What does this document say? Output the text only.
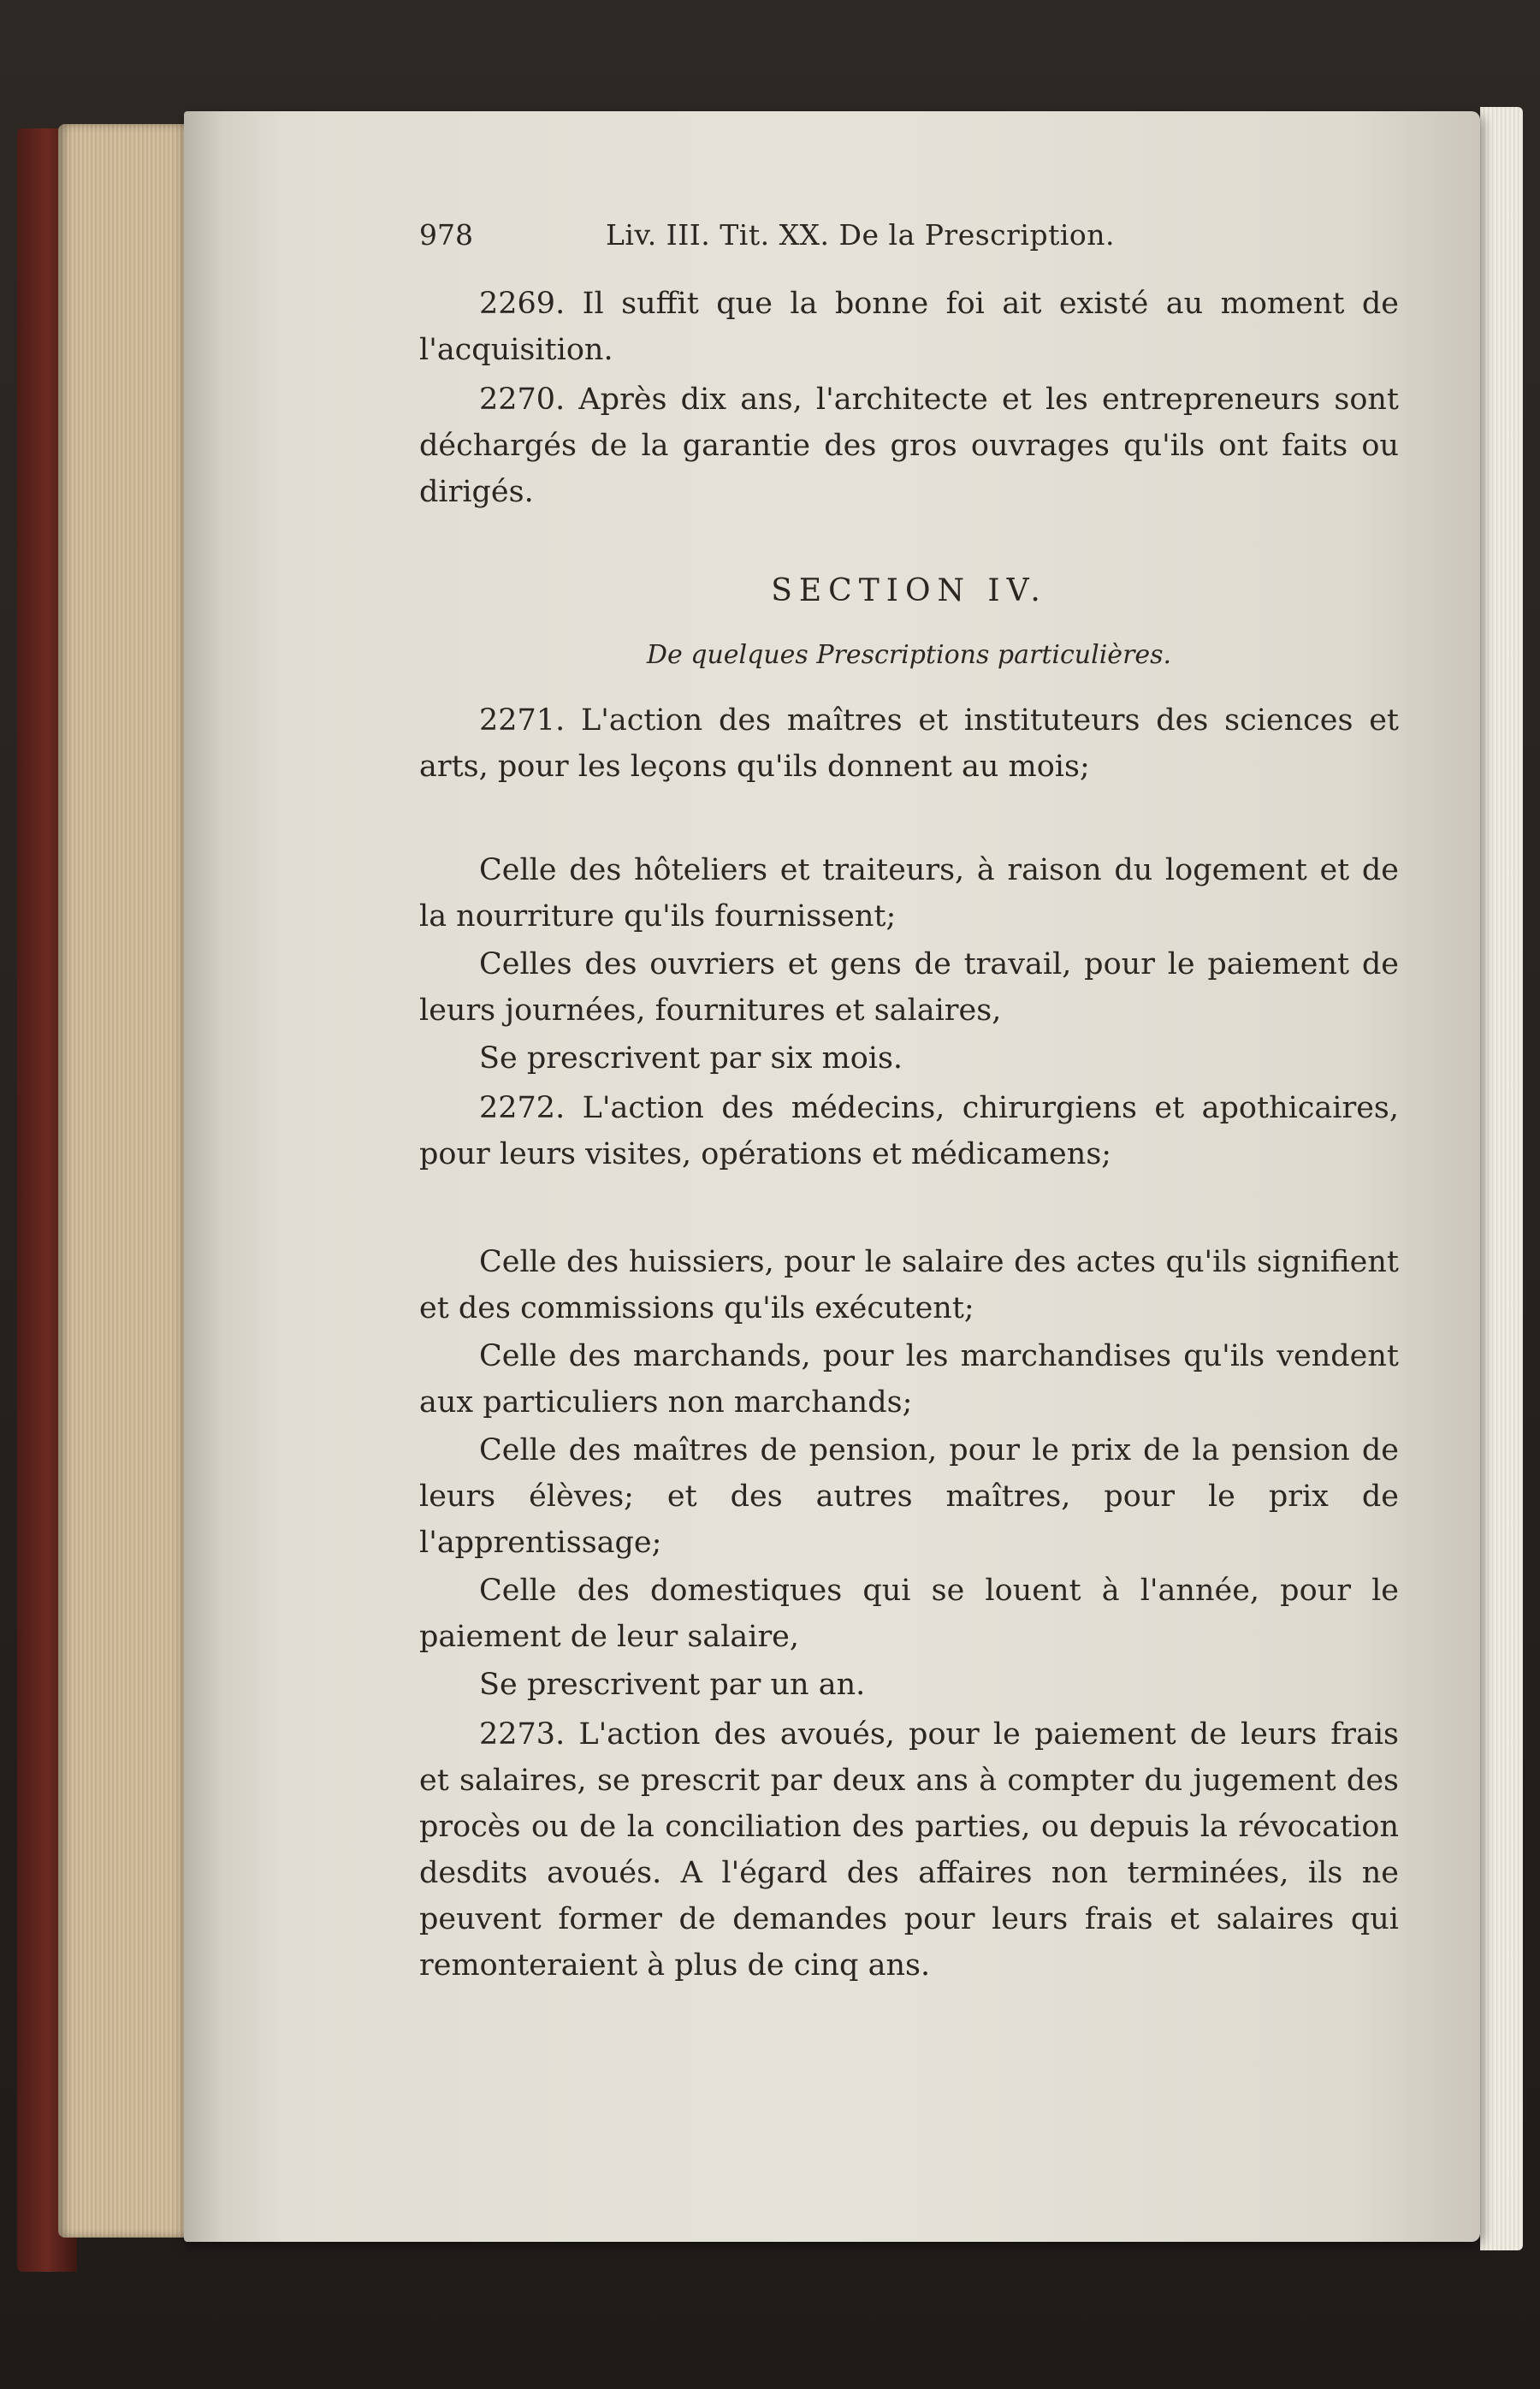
978	Liv. III. Tit. XX. De la Prescription.

2269. Il suffit que la bonne foi ait existé au moment de l'acquisition.

2270. Après dix ans, l'architecte et les entrepreneurs sont déchargés de la garantie des gros ouvrages qu'ils ont faits ou dirigés.

SECTION IV.
De quelques Prescriptions particulières.

2271. L'action des maîtres et instituteurs des sciences et arts, pour les leçons qu'ils donnent au mois;

Celle des hôteliers et traiteurs, à raison du logement et de la nourriture qu'ils fournissent;

Celles des ouvriers et gens de travail, pour le paiement de leurs journées, fournitures et salaires,

Se prescrivent par six mois.

2272. L'action des médecins, chirurgiens et apothicaires, pour leurs visites, opérations et médicamens;

Celle des huissiers, pour le salaire des actes qu'ils signifient et des commissions qu'ils exécutent;

Celle des marchands, pour les marchandises qu'ils vendent aux particuliers non marchands;

Celle des maîtres de pension, pour le prix de la pension de leurs élèves; et des autres maîtres, pour le prix de l'apprentissage;

Celle des domestiques qui se louent à l'année, pour le paiement de leur salaire,

Se prescrivent par un an.

2273. L'action des avoués, pour le paiement de leurs frais et salaires, se prescrit par deux ans à compter du jugement des procès ou de la conciliation des parties, ou depuis la révocation desdits avoués. A l'égard des affaires non terminées, ils ne peuvent former de demandes pour leurs frais et salaires qui remonteraient à plus de cinq ans.
